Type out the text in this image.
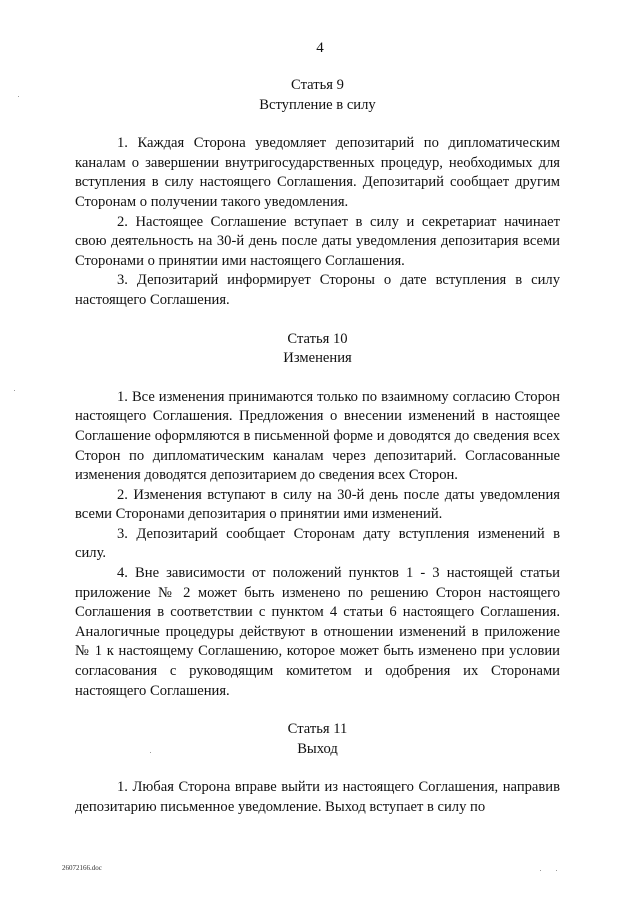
4

Статья 9

Вступление в силу

1. Каждая Сторона уведомляет депозитарий по дипломатическим каналам о завершении внутригосударственных процедур, необходимых для вступления в силу настоящего Соглашения. Депозитарий сообщает другим Сторонам о получении такого уведомления.

2. Настоящее Соглашение вступает в силу и секретариат начинает свою деятельность на 30-й день после даты уведомления депозитария всеми Сторонами о принятии ими настоящего Соглашения.

3. Депозитарий информирует Стороны о дате вступления в силу настоящего Соглашения.

Статья 10

Изменения

1. Все изменения принимаются только по взаимному согласию Сторон настоящего Соглашения. Предложения о внесении изменений в настоящее Соглашение оформляются в письменной форме и доводятся до сведения всех Сторон по дипломатическим каналам через депозитарий. Согласованные изменения доводятся депозитарием до сведения всех Сторон.

2. Изменения вступают в силу на 30-й день после даты уведомления всеми Сторонами депозитария о принятии ими изменений.

3. Депозитарий сообщает Сторонам дату вступления изменений в силу.

4. Вне зависимости от положений пунктов 1 - 3 настоящей статьи приложение № 2 может быть изменено по решению Сторон настоящего Соглашения в соответствии с пунктом 4 статьи 6 настоящего Соглашения. Аналогичные процедуры действуют в отношении изменений в приложение № 1 к настоящему Соглашению, которое может быть изменено при условии согласования с руководящим комитетом и одобрения их Сторонами настоящего Соглашения.

Статья 11

Выход

1. Любая Сторона вправе выйти из настоящего Соглашения, направив депозитарию письменное уведомление. Выход вступает в силу по

26072166.doc
